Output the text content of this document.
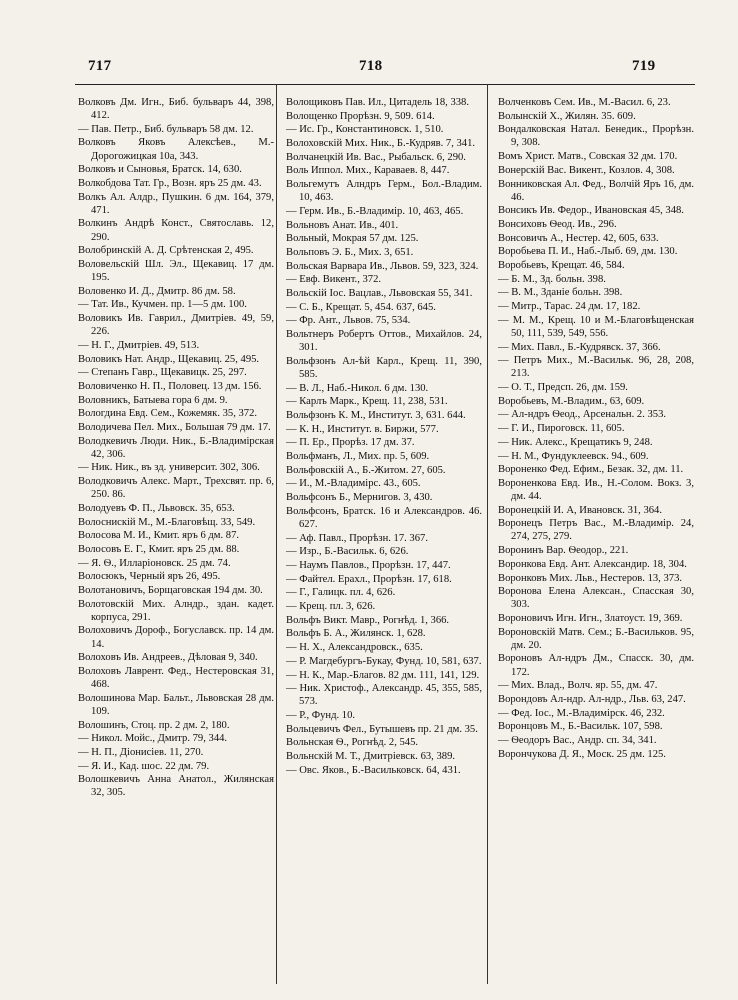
717	718	719
Волковъ Дм. Игн., Биб. бульваръ 44, 398, 412.
— Пав. Петр., Биб. бульваръ 58 дм. 12.
Волковъ Яковъ Алексѣев., М.-Дорогожицкая 10а, 343.
Волковъ и Сыновья, Братск. 14, 630.
Волкобдова Тат. Гр., Возн. яръ 25 дм. 43.
Волкъ Ал. Алдр., Пушкин. 6 дм. 164, 379, 471.
Волкинъ Андрѣ Конст., Святославь. 12, 290.
Волобринскій А. Д. Срѣтенская 2, 495.
Воловельскій Шл. Эл., Щекавиц. 17 дм. 195.
Воловенко И. Д., Дмитр. 86 дм. 58.
— Тат. Ив., Кучмен. пр. 1—5 дм. 100.
Воловикъ Ив. Гаврил., Дмитріев. 49, 59, 226.
— Н. Г., Дмитріев. 49, 513.
Воловикъ Нат. Андр., Щекавиц. 25, 495.
— Степанъ Гавр., Щекавицк. 25, 297.
Воловиченко Н. П., Половец. 13 дм. 156.
Воловникъ, Батыева гора 6 дм. 9.
Вологдина Евд. Сем., Кожемяк. 35, 372.
Володичева Пел. Мих., Большая 79 дм. 17.
Володкевичъ Люди. Ник., Б.-Владимірская 42, 306.
— Ник. Ник., въ зд. университ. 302, 306.
Володковичъ Алекс. Март., Трехсвят. пр. 6, 250. 86.
Володуевъ Ф. П., Львовск. 35, 653.
Волоснискій М., М.-Благовѣщ. 33, 549.
Волосова М. И., Кмит. яръ 6 дм. 87.
Волосовъ Е. Г., Кмит. яръ 25 дм. 88.
— Я. Ѳ., Илларіоновск. 25 дм. 74.
Волосюкъ, Черный яръ 26, 495.
Волотановичъ, Борщаговская 194 дм. 30.
Волотовскій Мих. Алндр., здан. кадет. корпуса, 291.
Волоховичъ Дороф., Богуславск. пр. 14 дм. 14.
Волоховъ Ив. Андреев., Дѣловая 9, 340.
Волоховъ Лаврент. Фед., Нестеровская 31, 468.
Волошинова Мар. Бальт., Львовская 28 дм. 109.
Волошинъ, Стоц. пр. 2 дм. 2, 180.
— Никол. Мойс., Дмитр. 79, 344.
— Н. П., Діонисіев. 11, 270.
— Я. И., Кад. шос. 22 дм. 79.
Волошкевичъ Анна Анатол., Жилянская 32, 305.
Волощиковъ Пав. Ил., Цитадель 18, 338.
Волощенко Прорѣзн. 9, 509. 614.
— Ис. Гр., Константиновск. 1, 510.
Волоховскій Мих. Ник., Б.-Кудряв. 7, 341.
Волчанецкій Ив. Вас., Рыбальск. 6, 290.
Воль Иппол. Мих., Караваев. 8, 447.
Вольгемутъ Алндръ Герм., Бол.-Владим. 10, 463.
— Герм. Ив., Б.-Владимір. 10, 463, 465.
Вольновъ Анат. Ив., 401.
Вольный, Мокрая 57 дм. 125.
Вольповъ Э. Б., Мих. 3, 651.
Вольская Варвара Ив., Львов. 59, 323, 324.
— Евф. Викент., 372.
Вольскій Іос. Вацлав., Львовская 55, 341.
— С. Б., Крещат. 5, 454. 637, 645.
— Фр. Ант., Львов. 75, 534.
Вольтнеръ Робертъ Оттов., Михайлов. 24, 301.
Вольфзонъ Ал-ѣй Карл., Крещ. 11, 390, 585.
— В. Л., Наб.-Никол. 6 дм. 130.
— Карлъ Марк., Крещ. 11, 238, 531.
Вольфзонъ К. М., Институт. 3, 631. 644.
— К. Н., Институт. в. Биржи, 577.
— П. Ер., Прорѣз. 17 дм. 37.
Вольфманъ, Л., Мих. пр. 5, 609.
Вольфовскій А., Б.-Житом. 27, 605.
— И., М.-Владимірс. 43., 605.
Вольфсонъ Б., Мернигов. 3, 430.
Вольфсонъ, Братск. 16 и Александров. 46. 627.
— Аф. Павл., Прорѣзн. 17. 367.
— Изр., Б.-Васильк. 6, 626.
— Наумъ Павлов., Прорѣзн. 17, 447.
— Файтел. Ерахл., Прорѣзн. 17, 618.
— Г., Галицк. пл. 4, 626.
— Крещ. пл. 3, 626.
Вольфъ Викт. Мавр., Рогнѣд. 1, 366.
Вольфъ Б. А., Жилянск. 1, 628.
— Н. Х., Александровск., 635.
— Р. Магдебургъ-Букау, Фунд. 10, 581, 637.
— Н. К., Мар.-Благов. 82 дм. 111, 141, 129.
— Ник. Христоф., Александр. 45, 355, 585, 573.
— Р., Фунд. 10.
Вольцевичъ Фел., Бутышевъ пр. 21 дм. 35.
Вольнская Ѳ., Рогнѣд. 2, 545.
Вольнскій М. Т., Дмитріевск. 63, 389.
— Овс. Яков., Б.-Васильковск. 64, 431.
Волченковъ Сем. Ив., М.-Васил. 6, 23.
Волынскій Х., Жилян. 35. 609.
Вондалковская Натал. Бенедик., Прорѣзн. 9, 308.
Вомъ Христ. Матв., Совская 32 дм. 170.
Вонерскій Вас. Викент., Козлов. 4, 308.
Вонниковская Ал. Фед., Волчій Яръ 16, дм. 46.
Вонсикъ Ив. Федор., Ивановская 45, 348.
Вонсиховъ Ѳеод. Ив., 296.
Вонсовичъ А., Нестер. 42, 605, 633.
Воробьева П. И., Наб.-Лыб. 69, дм. 130.
Воробьевъ, Крещат. 46, 584.
— Б. М., Зд. больн. 398.
— В. М., Зданіе больн. 398.
— Митр., Тарас. 24 дм. 17, 182.
— М. М., Крещ. 10 и М.-Благовѣщенская 50, 111, 539, 549, 556.
— Мих. Павл., Б.-Кудрявск. 37, 366.
— Петръ Мих., М.-Васильк. 96, 28, 208, 213.
— О. Т., Предсп. 26, дм. 159.
Воробьевъ, М.-Владим., 63, 609.
— Ал-ндръ Ѳеод., Арсенальн. 2. 353.
— Г. И., Пироговск. 11, 605.
— Ник. Алекс., Крещатикъ 9, 248.
— Н. М., Фундуклеевск. 94., 609.
Вороненко Фед. Ефим., Безак. 32, дм. 11.
Вороненкова Евд. Ив., Н.-Солом. Вокз. 3, дм. 44.
Воронецкій И. А, Ивановск. 31, 364.
Воронецъ Петръ Вас., М.-Владимір. 24, 274, 275, 279.
Воронинъ Вар. Ѳеодор., 221.
Воронкова Евд. Ант. Александир. 18, 304.
Воронковъ Мих. Льв., Нестеров. 13, 373.
Воронова Елена Алексан., Спасская 30, 303.
Вороновичъ Игн. Игн., Златоуст. 19, 369.
Вороновскій Матв. Сем.; Б.-Васильков. 95, дм. 20.
Вороновъ Ал-ндръ Дм., Спасск. 30, дм. 172.
— Мих. Влад., Волч. яр. 55, дм. 47.
Ворондовъ Ал-ндр. Ал-ндр., Льв. 63, 247.
— Фед. Іос., М.-Владимірск. 46, 232.
Воронцовъ М., Б.-Васильк. 107, 598.
— Ѳеодоръ Вас., Андр. сп. 34, 341.
Ворончукова Д. Я., Моск. 25 дм. 125.
